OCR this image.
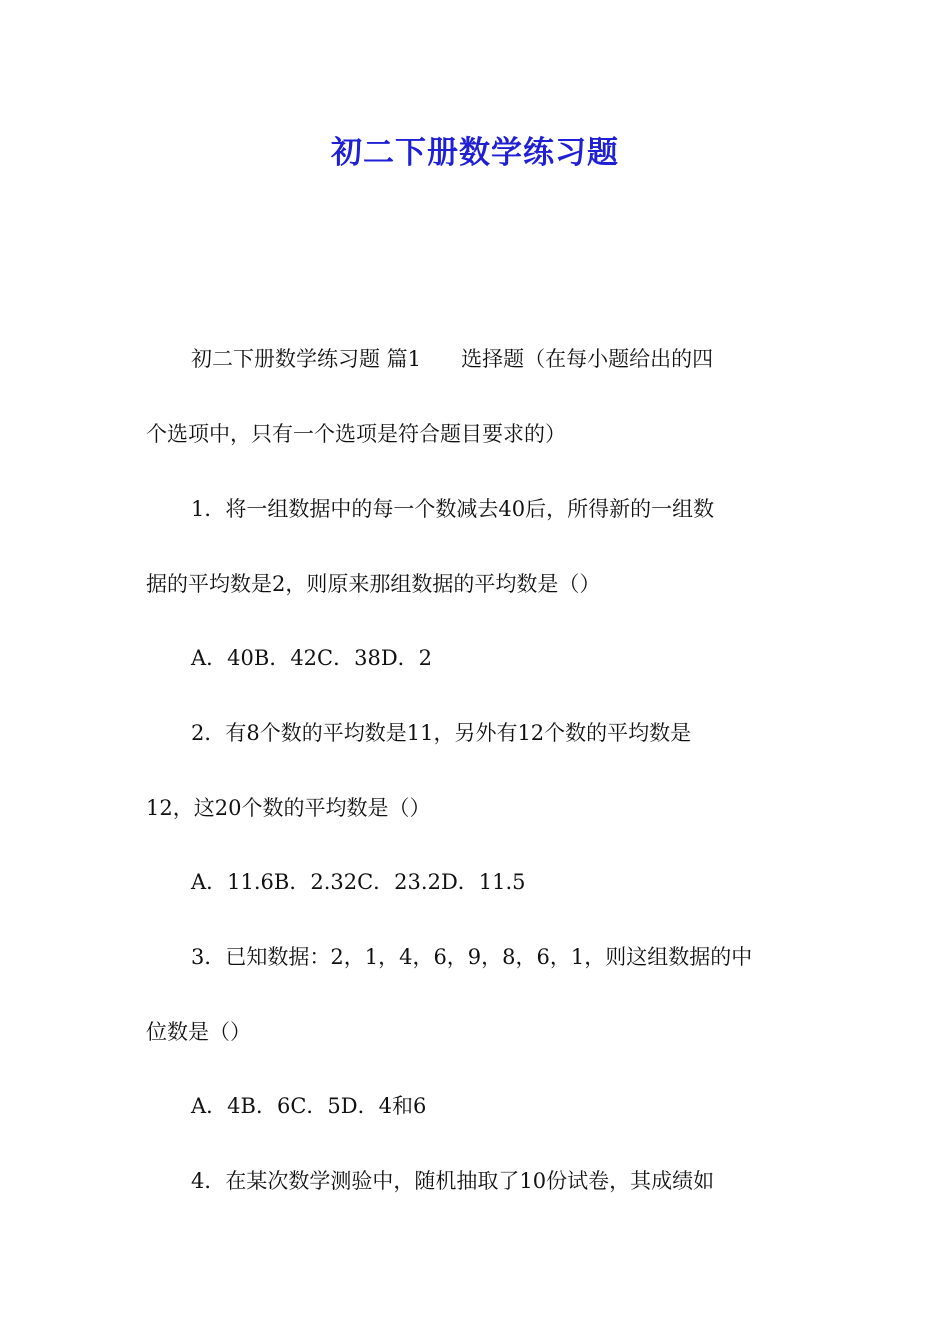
初二下册数学练习题
初二下册数学练习题 篇1      选择题（在每小题给出的四
个选项中，只有一个选项是符合题目要求的）
1．将一组数据中的每一个数减去40后，所得新的一组数
据的平均数是2，则原来那组数据的平均数是（）
A．40B．42C．38D．2
2．有8个数的平均数是11，另外有12个数的平均数是
12，这20个数的平均数是（）
A．11.6B．2.32C．23.2D．11.5
3．已知数据：2，1，4，6，9，8，6，1，则这组数据的中
位数是（）
A．4B．6C．5D．4和6
4．在某次数学测验中，随机抽取了10份试卷，其成绩如
